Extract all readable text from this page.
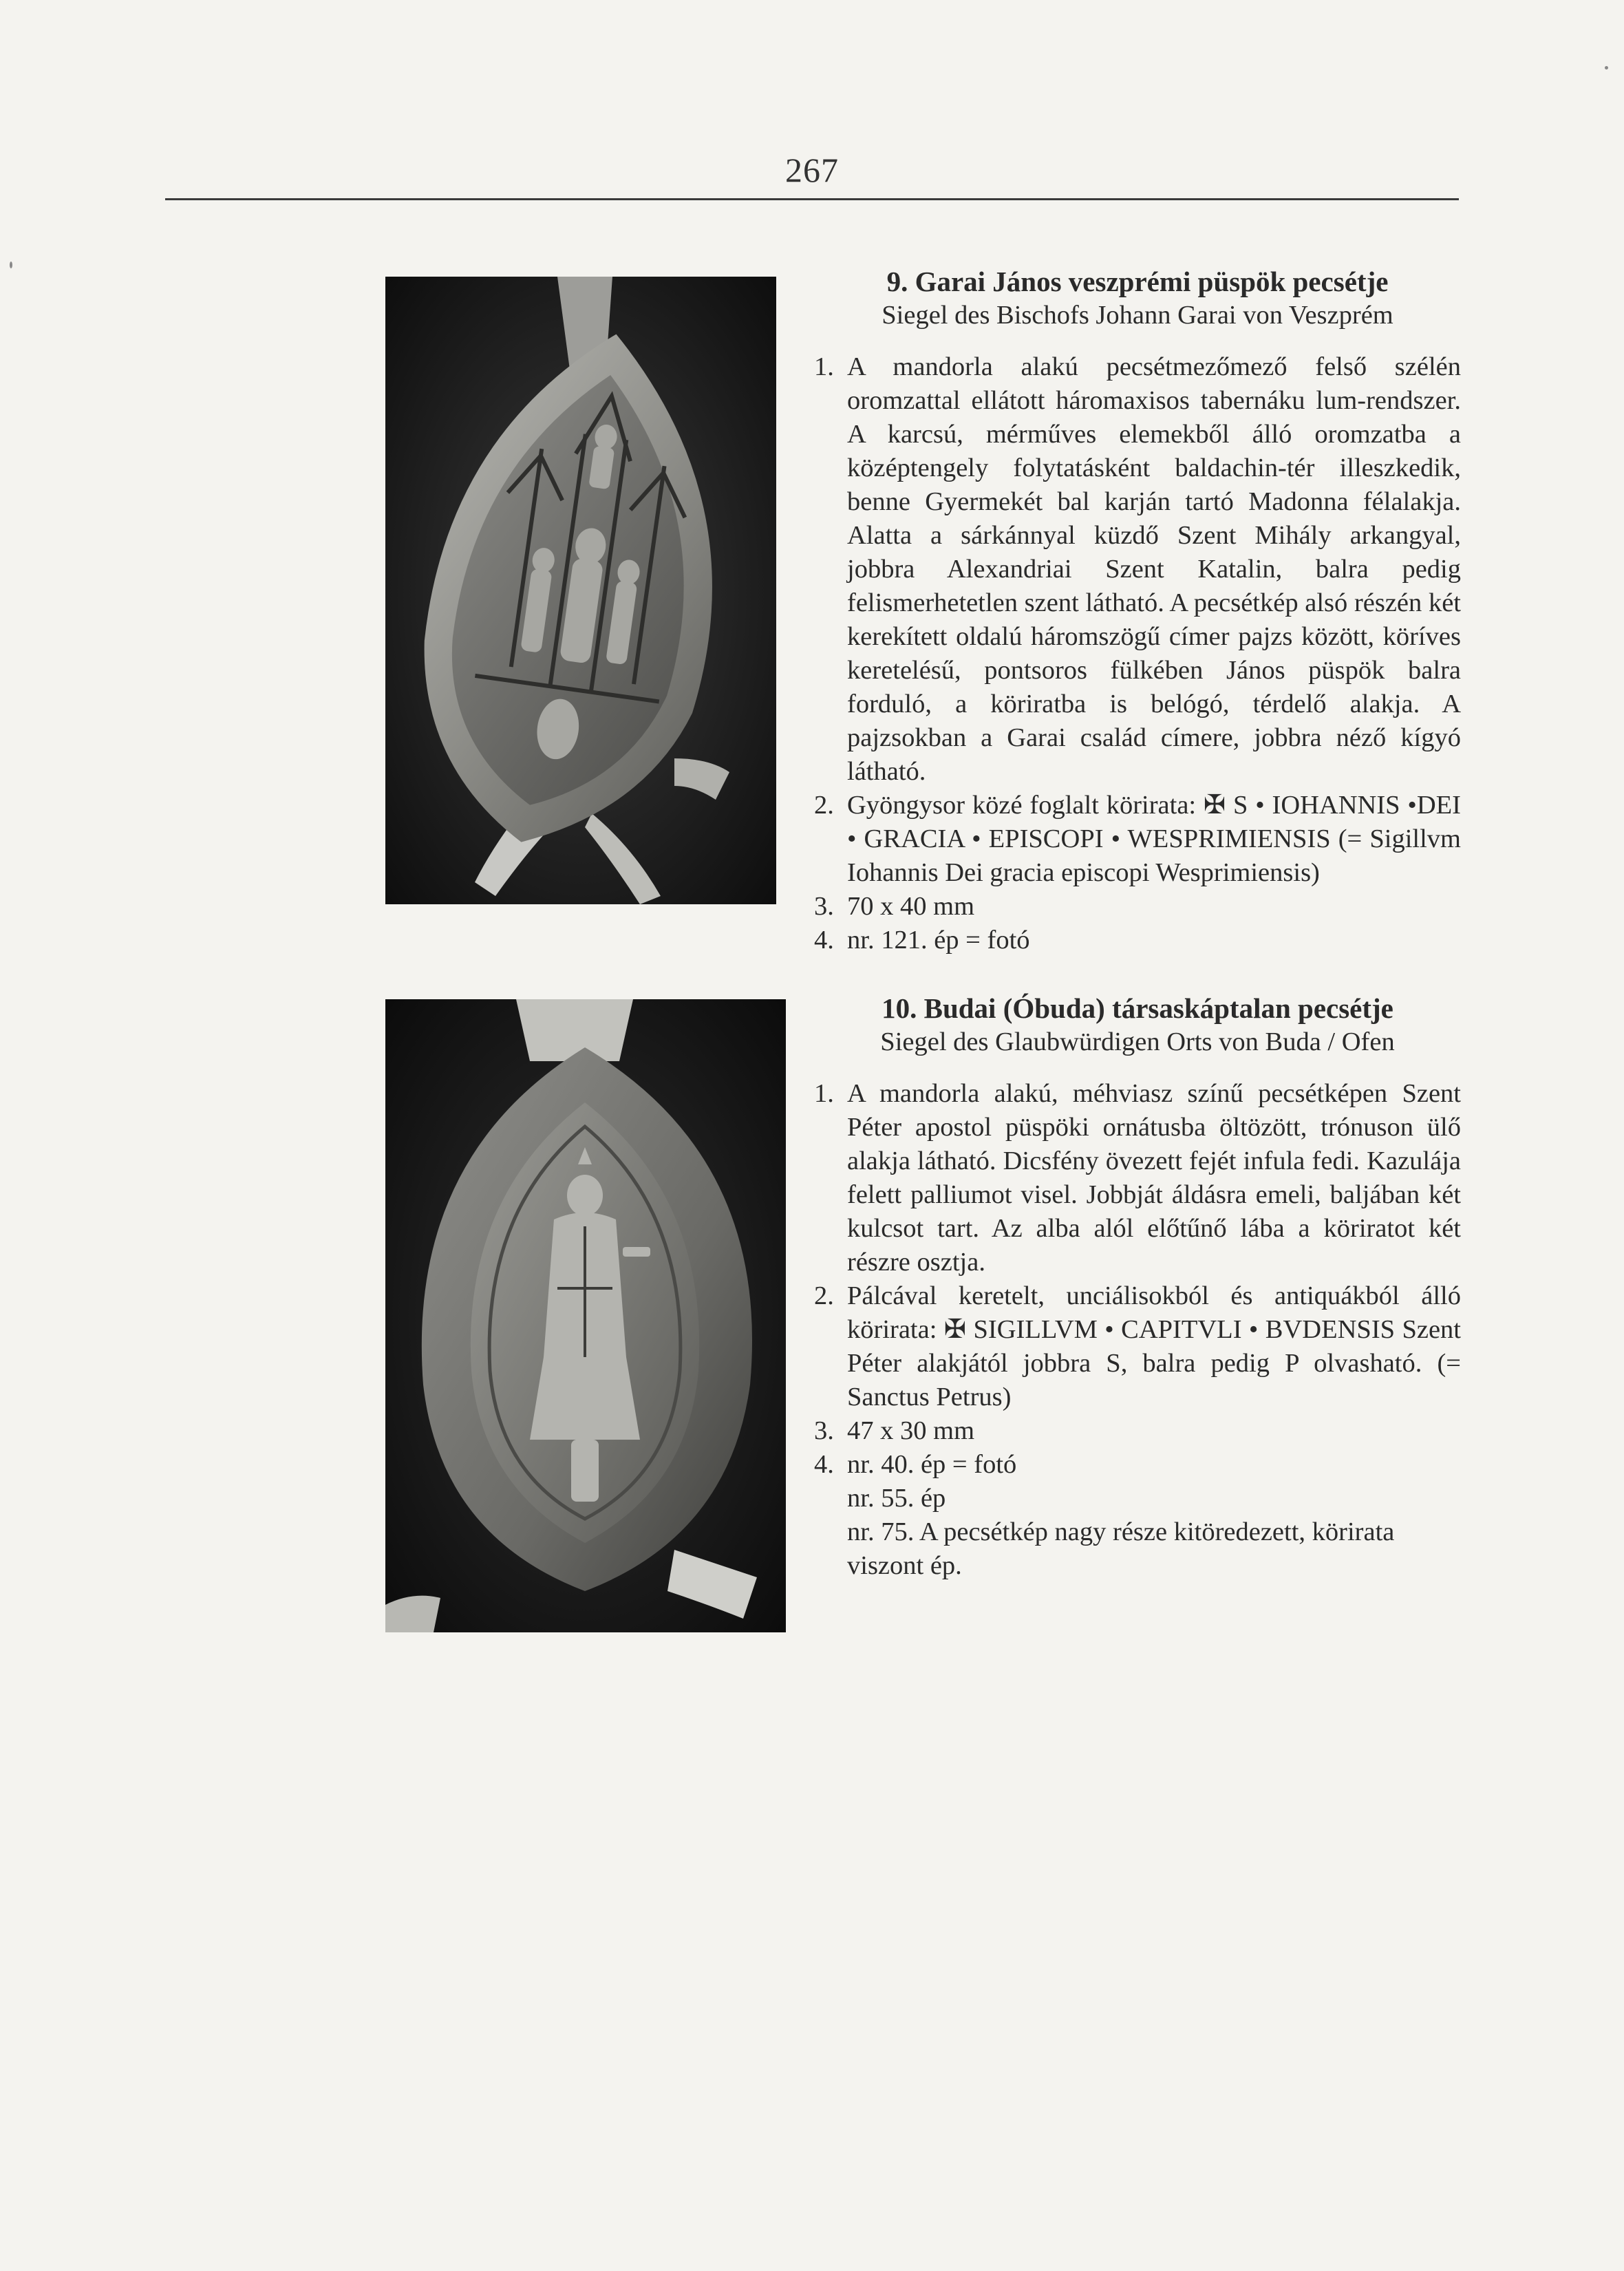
267
9. Garai János veszprémi püspök pecsétje
Siegel des Bischofs Johann Garai von Veszprém
1. A mandorla alakú pecsétmezőmező felső szélén oromzattal ellátott háromaxisos tabernáku lum-rendszer. A karcsú, mérműves elemekből álló oromzatba a középtengely folytatásként baldachin-tér illeszkedik, benne Gyermekét bal karján tartó Madonna félalakja. Alatta a sárkánnyal küzdő Szent Mihály arkangyal, jobbra Alexandriai Szent Katalin, balra pedig felismerhetetlen szent látható. A pecsétkép alsó részén két kerekített oldalú háromszögű címer pajzs között, köríves keretelésű, pontsoros fülkében János püspök balra forduló, a köriratba is belógó, térdelő alakja. A pajzsokban a Garai család címere, jobbra néző kígyó látható.
2. Gyöngysor közé foglalt körirata: ✠ S • IOHANNIS •DEI • GRACIA • EPISCOPI • WESPRIMIENSIS (= Sigillvm Iohannis Dei gracia episcopi Wesprimiensis)
3. 70 x 40 mm
4. nr. 121. ép = fotó
10. Budai (Óbuda) társaskáptalan pecsétje
Siegel des Glaubwürdigen Orts von Buda / Ofen
1. A mandorla alakú, méhviasz színű pecsétképen Szent Péter apostol püspöki ornátusba öltözött, trónuson ülő alakja látható. Dicsfény övezett fejét infula fedi. Kazulája felett palliumot visel. Jobbját áldásra emeli, baljában két kulcsot tart. Az alba alól előtűnő lába a köriratot két részre osztja.
2. Pálcával keretelt, unciálisokból és antiquákból álló körirata: ✠ SIGILLVM • CAPITVLI • BVDENSIS Szent Péter alakjától jobbra S, balra pedig P olvasható. (= Sanctus Petrus)
3. 47 x 30 mm
4. nr. 40. ép = fotó
nr. 55. ép
nr. 75. A pecsétkép nagy része kitöredezett, körirata viszont ép.
